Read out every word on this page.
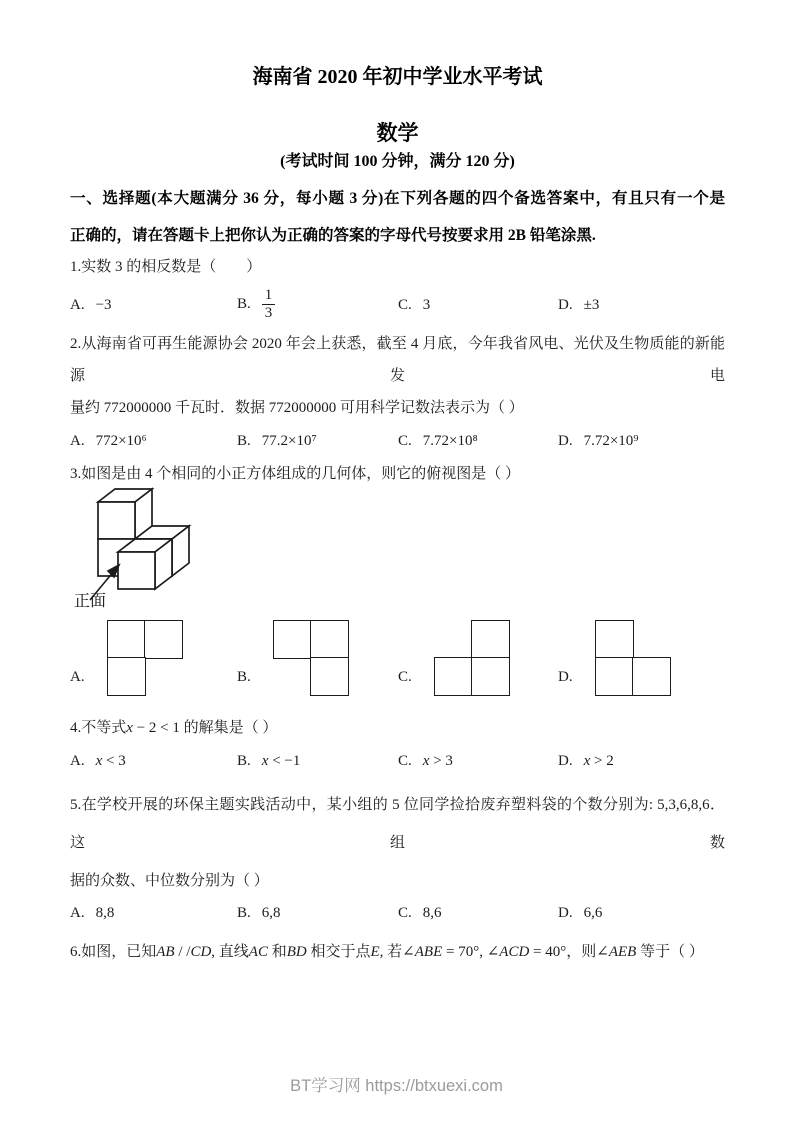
海南省 2020 年初中学业水平考试
数学
(考试时间 100 分钟，满分 120 分)
一、选择题(本大题满分 36 分，每小题 3 分)在下列各题的四个备选答案中，有且只有一个是
正确的，请在答题卡上把你认为正确的答案的字母代号按要求用 2B 铅笔涂黑.
1.实数 3 的相反数是（　　）
A. −3	B. $\frac{1}{3}$	C. 3	D. ±3
2.从海南省可再生能源协会 2020 年会上获悉，截至 4 月底，今年我省风电、光伏及生物质能的新能源发电
量约 772000000 千瓦时．数据 772000000 可用科学记数法表示为（ ）
A. 772×10⁶	B. 77.2×10⁷	C. 7.72×10⁸	D. 7.72×10⁹
3.如图是由 4 个相同的小正方体组成的几何体，则它的俯视图是（ ）
正面
A.	B.	C.	D.
4.不等式x − 2 < 1 的解集是（ ）
A. x < 3	B. x < −1	C. x > 3	D. x > 2
5.在学校开展的环保主题实践活动中，某小组的 5 位同学捡拾废弃塑料袋的个数分别为: 5,3,6,8,6．这组数
据的众数、中位数分别为（ ）
A. 8,8	B. 6,8	C. 8,6	D. 6,6
6.如图，已知AB / /CD, 直线AC 和BD 相交于点E, 若∠ABE = 70°, ∠ACD = 40°，则∠AEB 等于（ ）
BT学习网 https://btxuexi.com
